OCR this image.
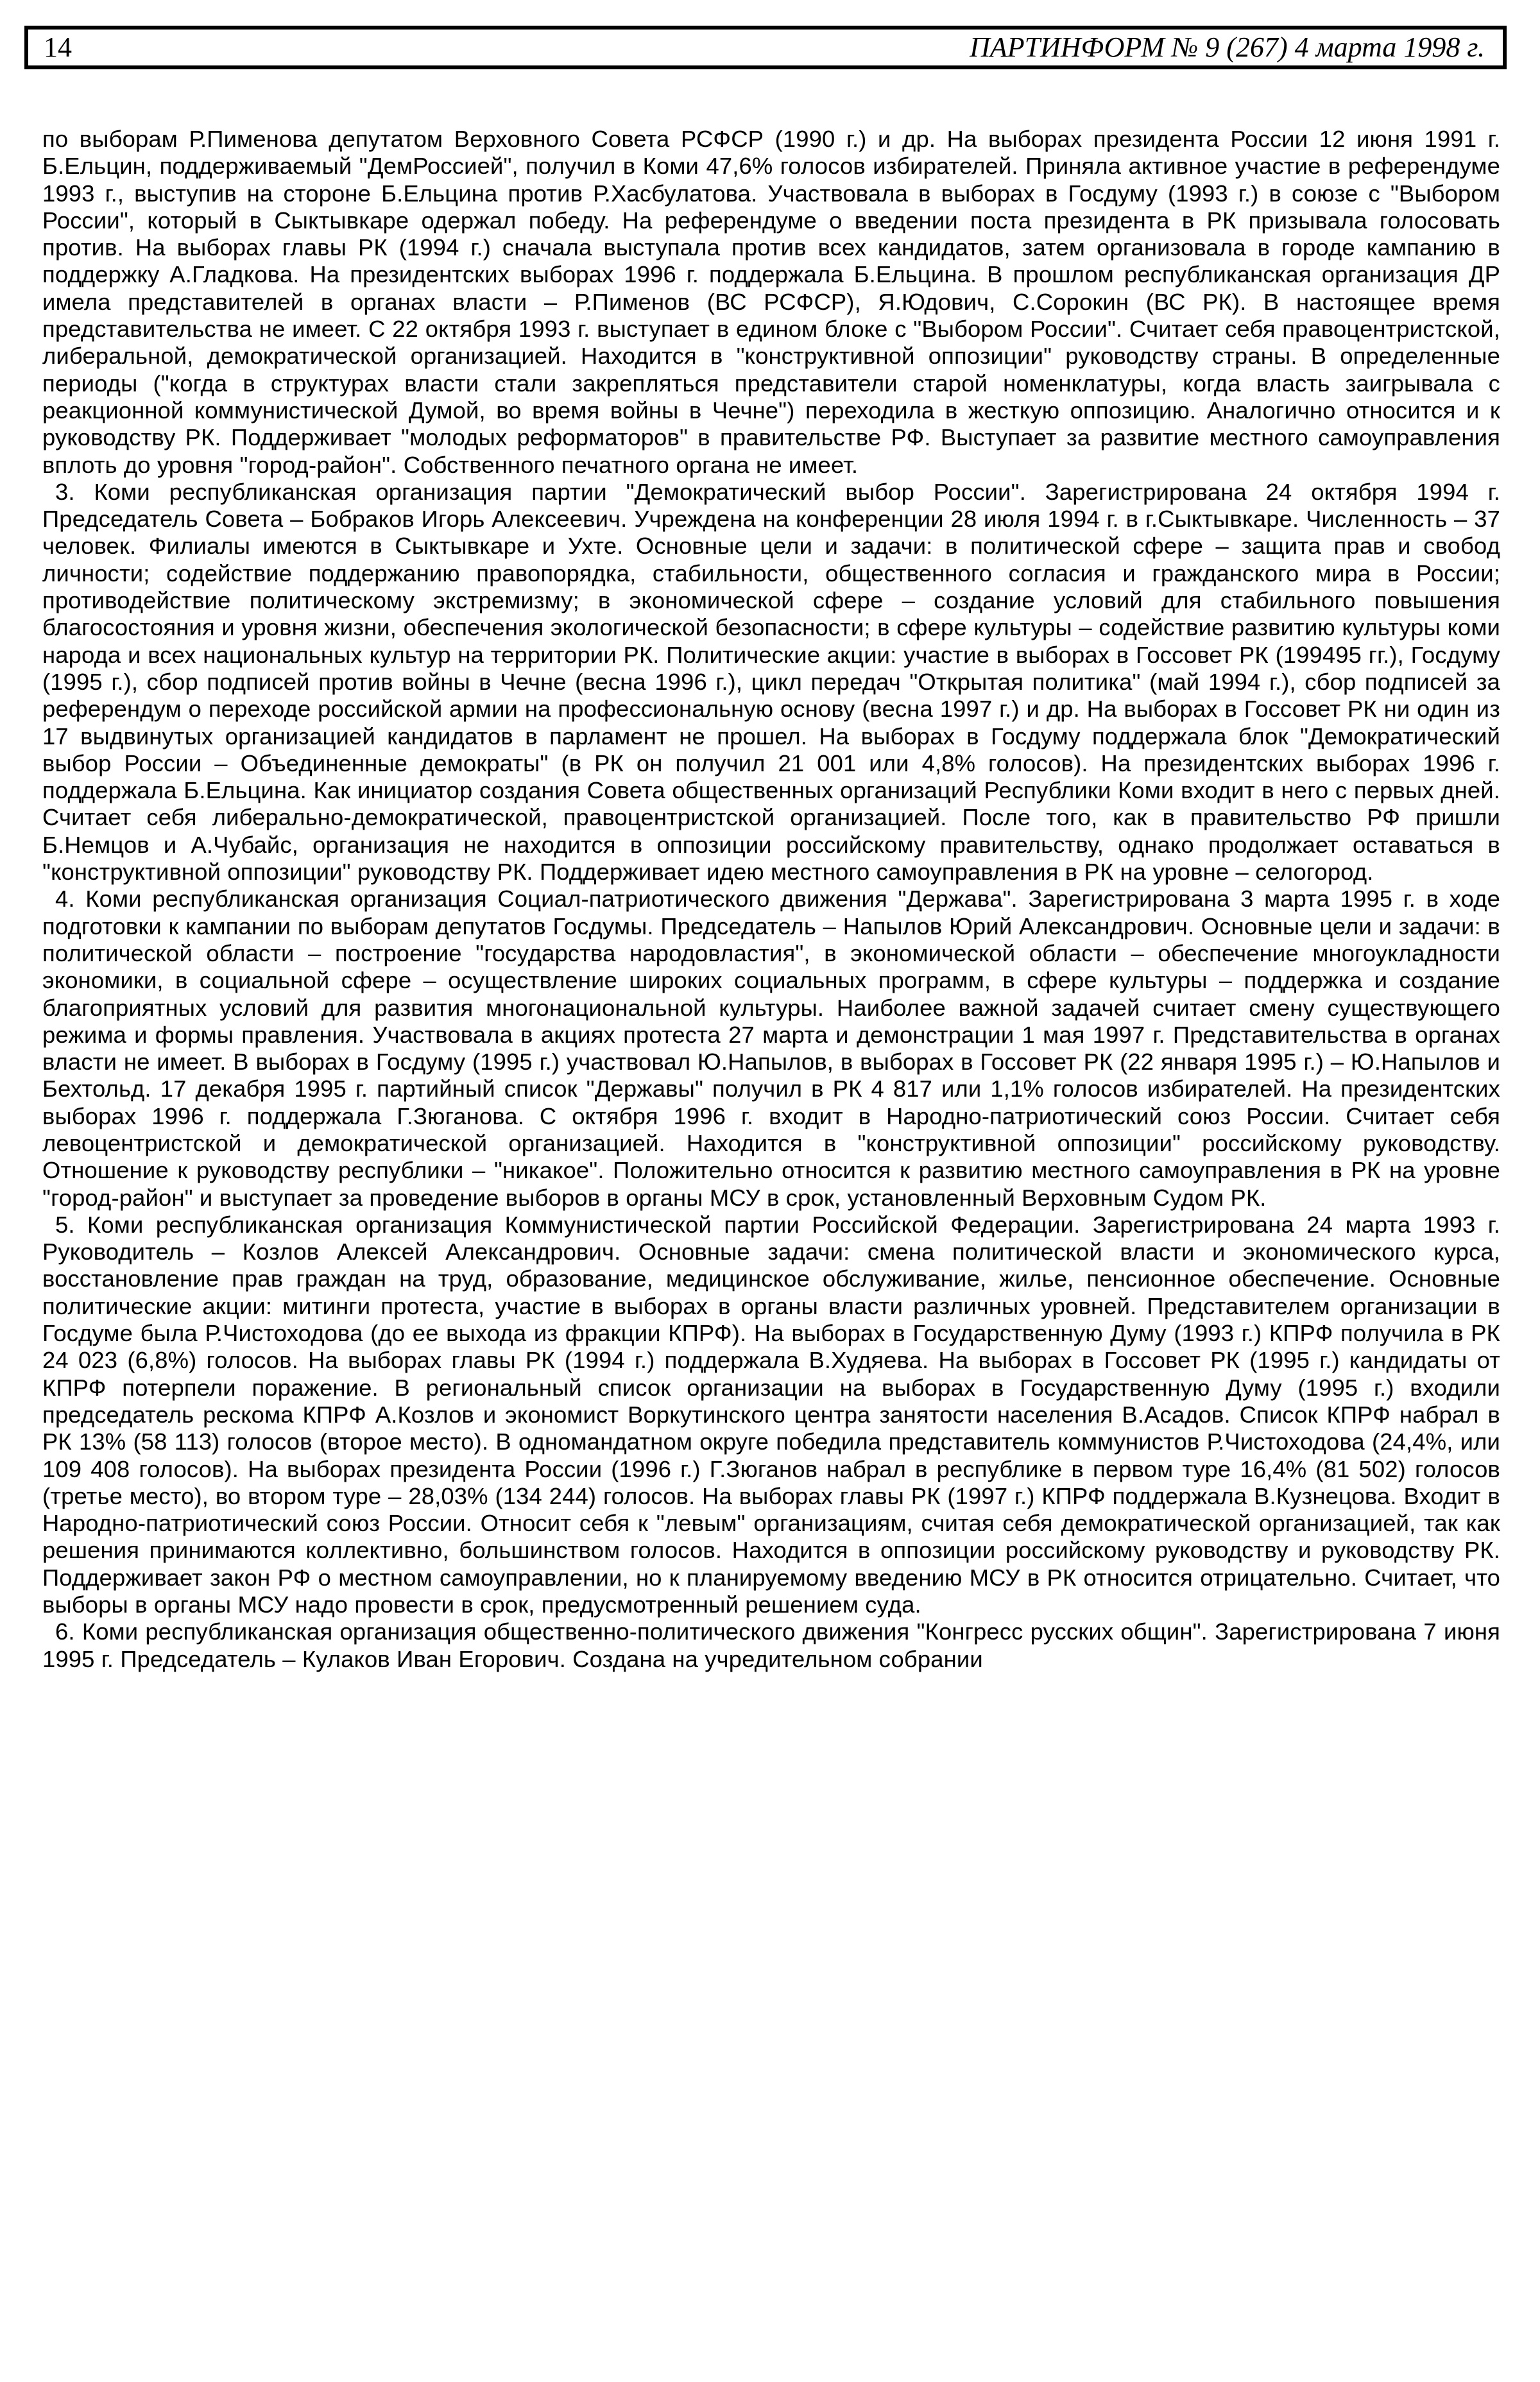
14	ПАРТИНФОРМ № 9 (267) 4 марта 1998 г.

по выборам Р.Пименова депутатом Верховного Совета РСФСР (1990 г.) и др. На выборах президента России 12 июня 1991 г. Б.Ельцин, поддерживаемый "ДемРоссией", получил в Коми 47,6% голосов избирателей. Приняла активное участие в референдуме 1993 г., выступив на стороне Б.Ельцина против Р.Хасбулатова. Участвовала в выборах в Госдуму (1993 г.) в союзе с "Выбором России", который в Сыктывкаре одержал победу. На референдуме о введении поста президента в РК призывала голосовать против. На выборах главы РК (1994 г.) сначала выступала против всех кандидатов, затем организовала в городе кампанию в поддержку А.Гладкова. На президентских выборах 1996 г. поддержала Б.Ельцина. В прошлом республиканская организация ДР имела представителей в органах власти – Р.Пименов (ВС РСФСР), Я.Юдович, С.Сорокин (ВС РК). В настоящее время представительства не имеет. С 22 октября 1993 г. выступает в едином блоке с "Выбором России". Считает себя правоцентристской, либеральной, демократической организацией. Находится в "конструктивной оппозиции" руководству страны. В определенные периоды ("когда в структурах власти стали закрепляться представители старой номенклатуры, когда власть заигрывала с реакционной коммунистической Думой, во время войны в Чечне") переходила в жесткую оппозицию. Аналогично относится и к руководству РК. Поддерживает "молодых реформаторов" в правительстве РФ. Выступает за развитие местного самоуправления вплоть до уровня "город-район". Собственного печатного органа не имеет.

3. Коми республиканская организация партии "Демократический выбор России". Зарегистрирована 24 октября 1994 г. Председатель Совета – Бобраков Игорь Алексеевич. Учреждена на конференции 28 июля 1994 г. в г.Сыктывкаре. Численность – 37 человек. Филиалы имеются в Сыктывкаре и Ухте. Основные цели и задачи: в политической сфере – защита прав и свобод личности; содействие поддержанию правопорядка, стабильности, общественного согласия и гражданского мира в России; противодействие политическому экстремизму; в экономической сфере – создание условий для стабильного повышения благосостояния и уровня жизни, обеспечения экологической безопасности; в сфере культуры – содействие развитию культуры коми народа и всех национальных культур на территории РК. Политические акции: участие в выборах в Госсовет РК (199495 гг.), Госдуму (1995 г.), сбор подписей против войны в Чечне (весна 1996 г.), цикл передач "Открытая политика" (май 1994 г.), сбор подписей за референдум о переходе российской армии на профессиональную основу (весна 1997 г.) и др. На выборах в Госсовет РК ни один из 17 выдвинутых организацией кандидатов в парламент не прошел. На выборах в Госдуму поддержала блок "Демократический выбор России – Объединенные демократы" (в РК он получил 21 001 или 4,8% голосов). На президентских выборах 1996 г. поддержала Б.Ельцина. Как инициатор создания Совета общественных организаций Республики Коми входит в него с первых дней. Считает себя либерально-демократической, правоцентристской организацией. После того, как в правительство РФ пришли Б.Немцов и А.Чубайс, организация не находится в оппозиции российскому правительству, однако продолжает оставаться в "конструктивной оппозиции" руководству РК. Поддерживает идею местного самоуправления в РК на уровне – селогород.

4. Коми республиканская организация Социал-патриотического движения "Держава". Зарегистрирована 3 марта 1995 г. в ходе подготовки к кампании по выборам депутатов Госдумы. Председатель – Напылов Юрий Александрович. Основные цели и задачи: в политической области – построение "государства народовластия", в экономической области – обеспечение многоукладности экономики, в социальной сфере – осуществление широких социальных программ, в сфере культуры – поддержка и создание благоприятных условий для развития многонациональной культуры. Наиболее важной задачей считает смену существующего режима и формы правления. Участвовала в акциях протеста 27 марта и демонстрации 1 мая 1997 г. Представительства в органах власти не имеет. В выборах в Госдуму (1995 г.) участвовал Ю.Напылов, в выборах в Госсовет РК (22 января 1995 г.) – Ю.Напылов и Бехтольд. 17 декабря 1995 г. партийный список "Державы" получил в РК 4 817 или 1,1% голосов избирателей. На президентских выборах 1996 г. поддержала Г.Зюганова. С октября 1996 г. входит в Народно-патриотический союз России. Считает себя левоцентристской и демократической организацией. Находится в "конструктивной оппозиции" российскому руководству. Отношение к руководству республики – "никакое". Положительно относится к развитию местного самоуправления в РК на уровне "город-район" и выступает за проведение выборов в органы МСУ в срок, установленный Верховным Судом РК.

5. Коми республиканская организация Коммунистической партии Российской Федерации. Зарегистрирована 24 марта 1993 г. Руководитель – Козлов Алексей Александрович. Основные задачи: смена политической власти и экономического курса, восстановление прав граждан на труд, образование, медицинское обслуживание, жилье, пенсионное обеспечение. Основные политические акции: митинги протеста, участие в выборах в органы власти различных уровней. Представителем организации в Госдуме была Р.Чистоходова (до ее выхода из фракции КПРФ). На выборах в Государственную Думу (1993 г.) КПРФ получила в РК 24 023 (6,8%) голосов. На выборах главы РК (1994 г.) поддержала В.Худяева. На выборах в Госсовет РК (1995 г.) кандидаты от КПРФ потерпели поражение. В региональный список организации на выборах в Государственную Думу (1995 г.) входили председатель рескома КПРФ А.Козлов и экономист Воркутинского центра занятости населения В.Асадов. Список КПРФ набрал в РК 13% (58 113) голосов (второе место). В одномандатном округе победила представитель коммунистов Р.Чистоходова (24,4%, или 109 408 голосов). На выборах президента России (1996 г.) Г.Зюганов набрал в республике в первом туре 16,4% (81 502) голосов (третье место), во втором туре – 28,03% (134 244) голосов. На выборах главы РК (1997 г.) КПРФ поддержала В.Кузнецова. Входит в Народно-патриотический союз России. Относит себя к "левым" организациям, считая себя демократической организацией, так как решения принимаются коллективно, большинством голосов. Находится в оппозиции российскому руководству и руководству РК. Поддерживает закон РФ о местном самоуправлении, но к планируемому введению МСУ в РК относится отрицательно. Считает, что выборы в органы МСУ надо провести в срок, предусмотренный решением суда.

6. Коми республиканская организация общественно-политического движения "Конгресс русских общин". Зарегистрирована 7 июня 1995 г. Председатель – Кулаков Иван Егорович. Создана на учредительном собрании
